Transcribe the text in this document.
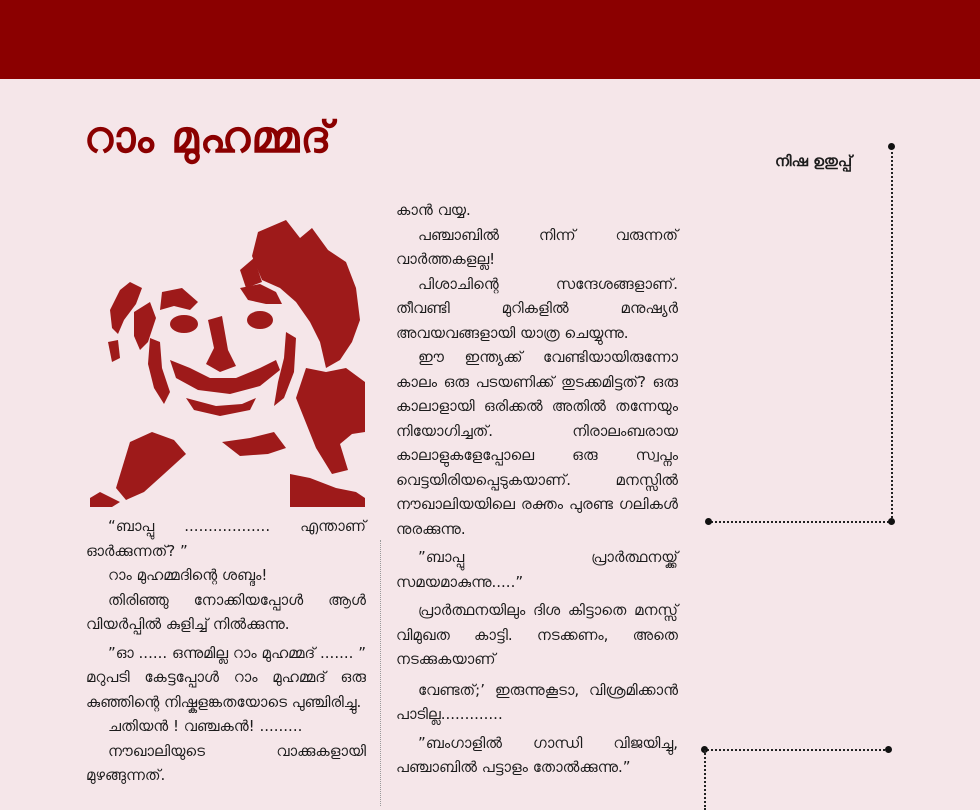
റാം മുഹമ്മദ്	നിഷ ഉതുപ്പ്

“ബാപ്പു .................. എന്താണ് ഓർക്കുന്നത്? ”

റാം മുഹമ്മദിന്റെ ശബ്ദം!

തിരിഞ്ഞു നോക്കിയപ്പോൾ ആൾ വിയർപ്പിൽ കുളിച്ച് നിൽക്കുന്നു.

”ഓ ...... ഒന്നുമില്ല റാം മുഹമ്മദ് ....... ” മറുപടി കേട്ടപ്പോൾ റാം മുഹമ്മദ് ഒരു കുഞ്ഞിന്റെ നിഷ്കളങ്കതയോടെ പുഞ്ചിരിച്ചു.

ചതിയൻ ! വഞ്ചകൻ! .........

നൗഖാലിയുടെ വാക്കുകളായി മുഴങ്ങുന്നത്.

കാൻ വയ്യ.

പഞ്ചാബിൽ നിന്ന് വരുന്നത് വാർത്തകളല്ല!

പിശാചിന്റെ സന്ദേശങ്ങളാണ്. തീവണ്ടി മുറികളിൽ മനുഷ്യർ അവയവങ്ങളായി യാത്ര ചെയ്യുന്നു.

ഈ ഇന്ത്യക്ക് വേണ്ടിയായിരുന്നോ കാലം ഒരു പടയണിക്ക് തുടക്കമിട്ടത്? ഒരു കാലാളായി ഒരിക്കൽ അതിൽ തന്നേയും നിയോഗിച്ചത്. നിരാലംബരായ കാലാളുകളേപ്പോലെ ഒരു സ്വപ്നം വെട്ടയിരിയപ്പെടുകയാണ്. മനസ്സിൽ നൗഖാലിയയിലെ രക്തം പുരണ്ട ഗലികൾ നുരക്കുന്നു.

”ബാപ്പു പ്രാർത്ഥനയ്ക്ക് സമയമാകുന്നു.....”

പ്രാർത്ഥനയിലും ദിശ കിട്ടാതെ മനസ്സ് വിമുഖത കാട്ടി. നടക്കണം, അതെ നടക്കുകയാണ്

വേണ്ടത്;’ ഇരുന്നുകൂടാ, വിശ്രമിക്കാൻ പാടില്ല.............

”ബംഗാളിൽ ഗാന്ധി വിജയിച്ചു, പഞ്ചാബിൽ പട്ടാളം തോൽക്കുന്നു.”
